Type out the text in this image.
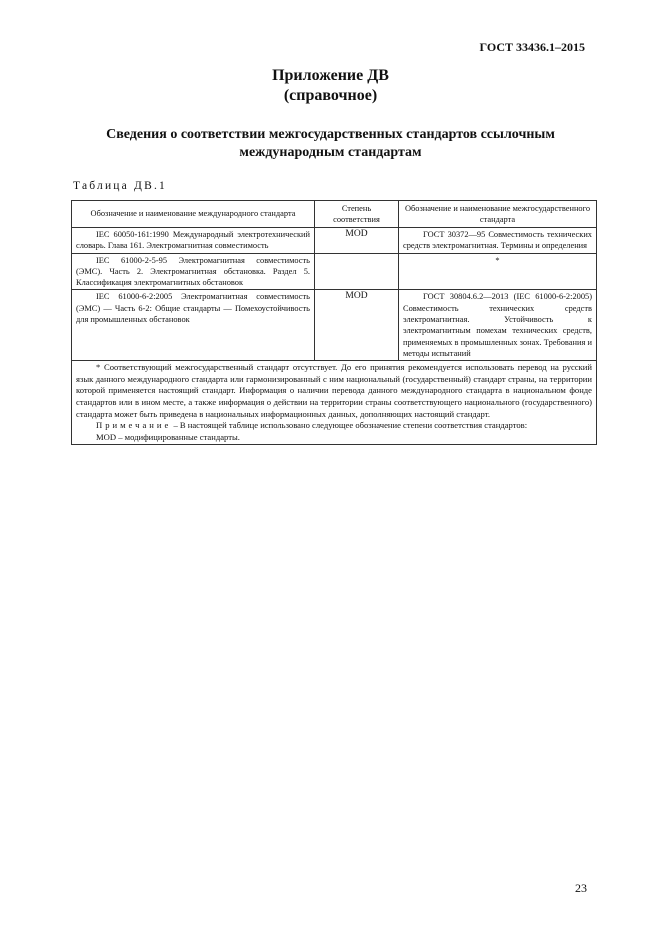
ГОСТ 33436.1–2015
Приложение ДВ
(справочное)
Сведения о соответствии межгосударственных стандартов ссылочным международным стандартам
Таблица ДВ.1
Обозначение и наименование международного стандарта	Степень соответствия	Обозначение и наименование межгосударственного стандарта

IEC 60050-161:1990 Международный электротехнический словарь. Глава 161. Электромагнитная совместимость	MOD	ГОСТ 30372—95 Совместимость технических средств электромагнитная. Термины и определения

IEC 61000-2-5-95 Электромагнитная совместимость (ЭМС). Часть 2. Электромагнитная обстановка. Раздел 5. Классификация электромагнитных обстановок		*

IEC 61000-6-2:2005 Электромагнитная совместимость (ЭМС) — Часть 6-2: Общие стандарты — Помехоустойчивость для промышленных обстановок	MOD	ГОСТ 30804.6.2—2013 (IEC 61000-6-2:2005) Совместимость технических средств электромагнитная. Устойчивость к электромагнитным помехам технических средств, применяемых в промышленных зонах. Требования и методы испытаний

* Соответствующий межгосударственный стандарт отсутствует. До его принятия рекомендуется использовать перевод на русский язык данного международного стандарта или гармонизированный с ним национальный (государственный) стандарт страны, на территории которой применяется настоящий стандарт. Информация о наличии перевода данного международного стандарта в национальном фонде стандартов или в ином месте, а также информация о действии на территории страны соответствующего национального (государственного) стандарта может быть приведена в национальных информационных данных, дополняющих настоящий стандарт.
Примечание – В настоящей таблице использовано следующее обозначение степени соответствия стандартов:
MOD – модифицированные стандарты.		
23
